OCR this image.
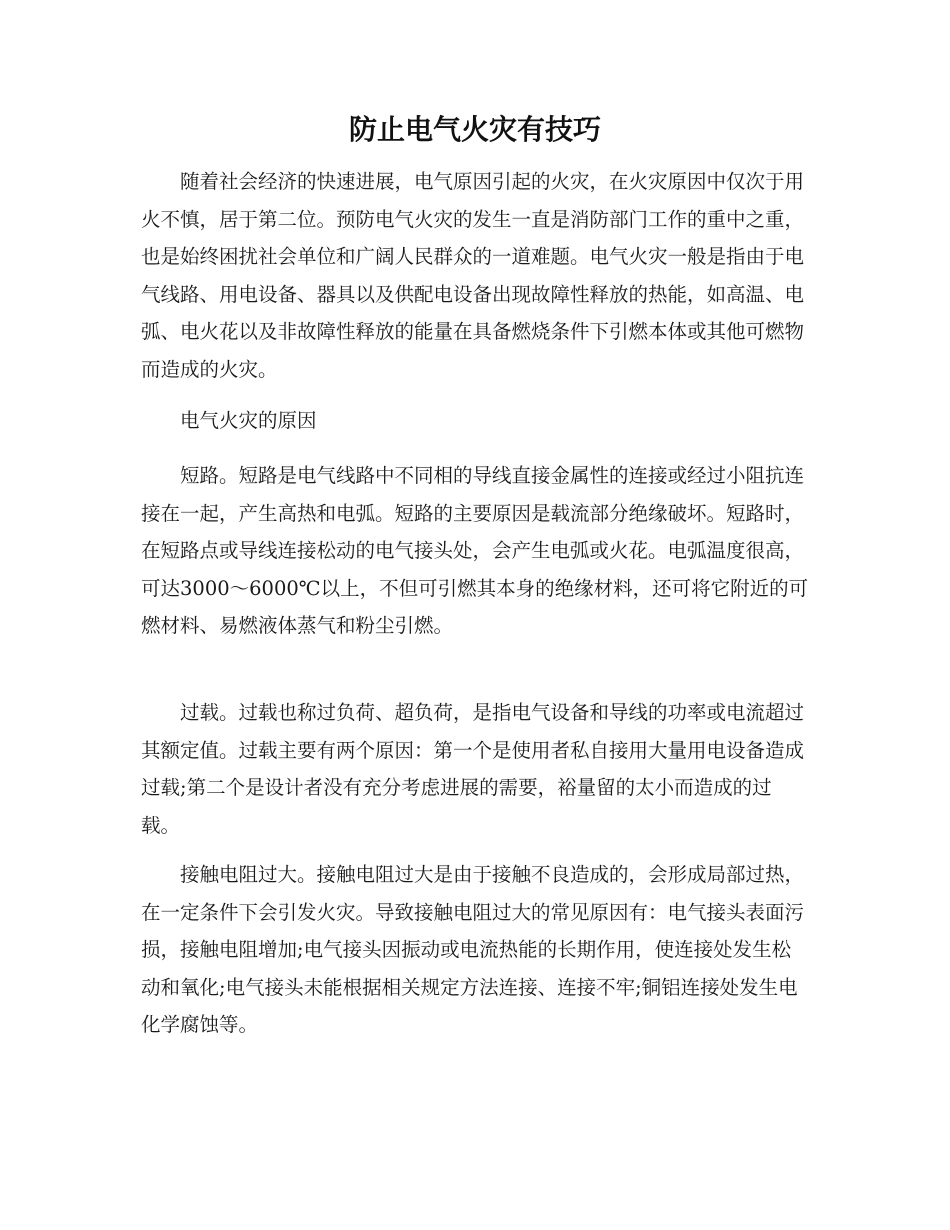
防止电气火灾有技巧

随着社会经济的快速进展，电气原因引起的火灾，在火灾原因中仅次于用火不慎，居于第二位。预防电气火灾的发生一直是消防部门工作的重中之重，也是始终困扰社会单位和广阔人民群众的一道难题。电气火灾一般是指由于电气线路、用电设备、器具以及供配电设备出现故障性释放的热能，如高温、电弧、电火花以及非故障性释放的能量在具备燃烧条件下引燃本体或其他可燃物而造成的火灾。

电气火灾的原因

短路。短路是电气线路中不同相的导线直接金属性的连接或经过小阻抗连接在一起，产生高热和电弧。短路的主要原因是载流部分绝缘破坏。短路时，在短路点或导线连接松动的电气接头处，会产生电弧或火花。电弧温度很高，可达3000～6000℃以上，不但可引燃其本身的绝缘材料，还可将它附近的可燃材料、易燃液体蒸气和粉尘引燃。

过载。过载也称过负荷、超负荷，是指电气设备和导线的功率或电流超过其额定值。过载主要有两个原因：第一个是使用者私自接用大量用电设备造成过载;第二个是设计者没有充分考虑进展的需要，裕量留的太小而造成的过载。

接触电阻过大。接触电阻过大是由于接触不良造成的，会形成局部过热，在一定条件下会引发火灾。导致接触电阻过大的常见原因有：电气接头表面污损，接触电阻增加;电气接头因振动或电流热能的长期作用，使连接处发生松动和氧化;电气接头未能根据相关规定方法连接、连接不牢;铜铝连接处发生电化学腐蚀等。
